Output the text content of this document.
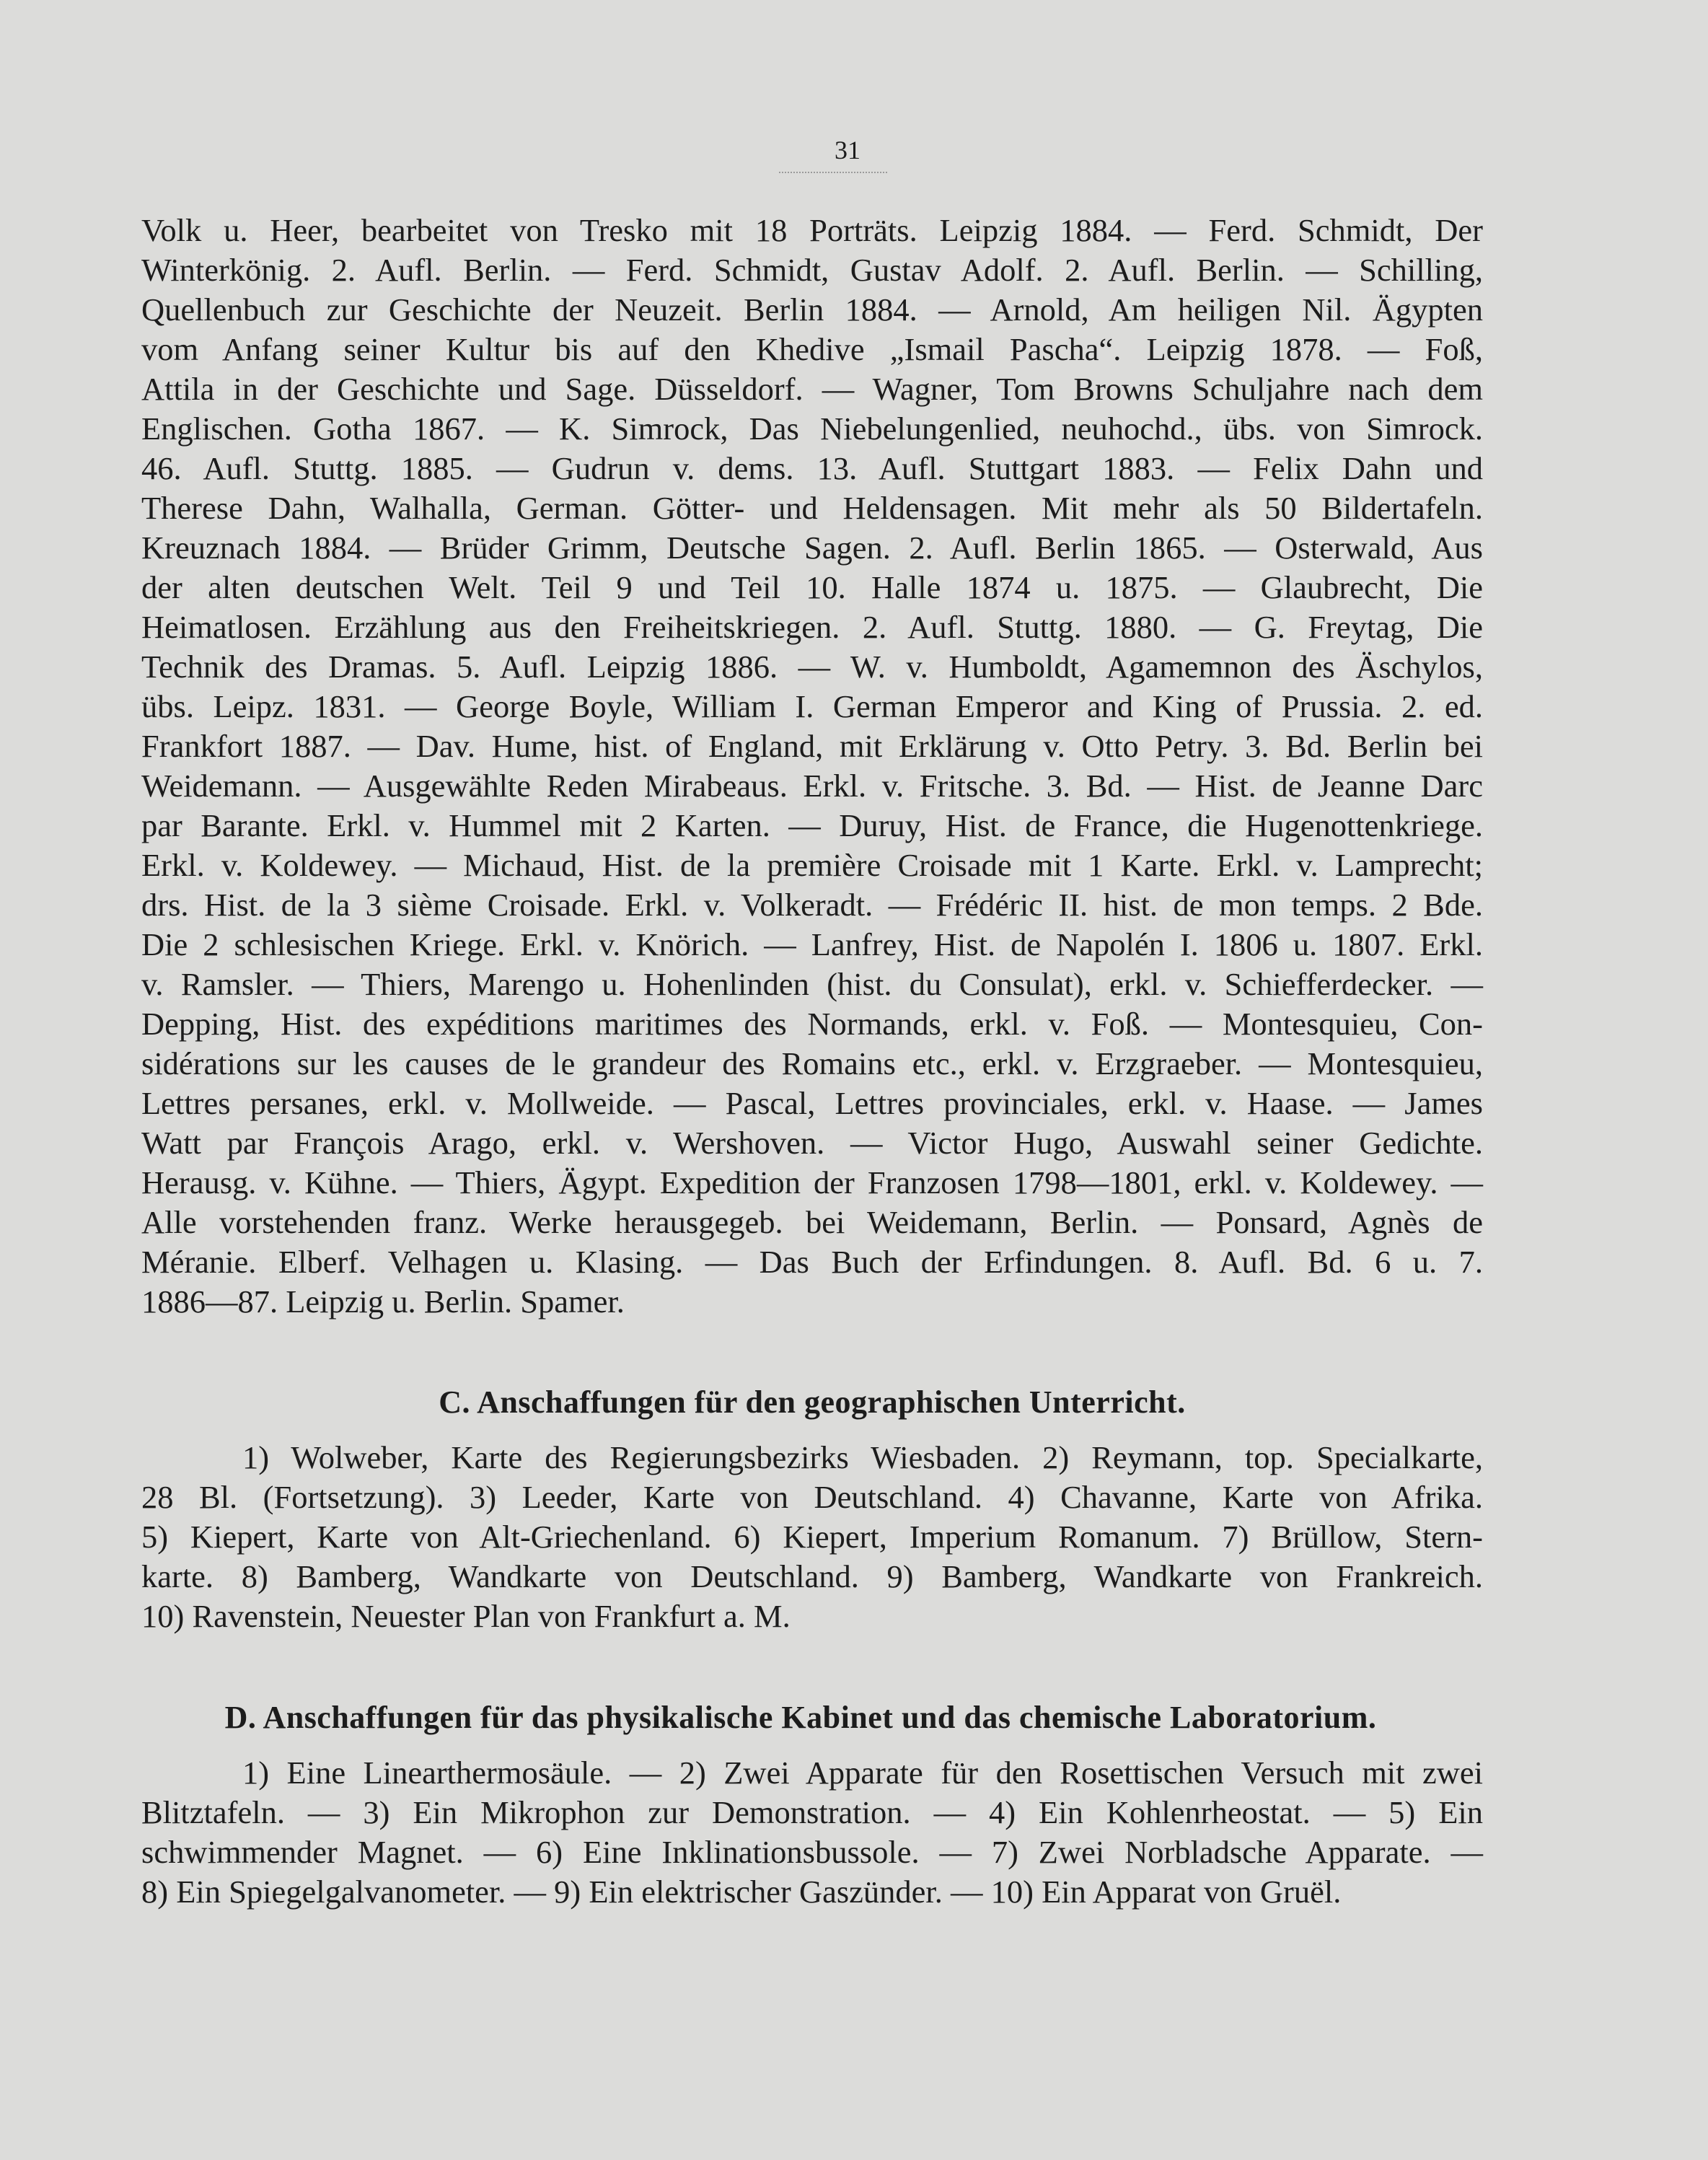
31
Volk u. Heer, bearbeitet von Tresko mit 18 Porträts. Leipzig 1884. — Ferd. Schmidt, Der
Winterkönig. 2. Aufl. Berlin. — Ferd. Schmidt, Gustav Adolf. 2. Aufl. Berlin. — Schilling,
Quellenbuch zur Geschichte der Neuzeit. Berlin 1884. — Arnold, Am heiligen Nil. Ägypten
vom Anfang seiner Kultur bis auf den Khedive „Ismail Pascha“. Leipzig 1878. — Foß,
Attila in der Geschichte und Sage. Düsseldorf. — Wagner, Tom Browns Schuljahre nach dem
Englischen. Gotha 1867. — K. Simrock, Das Niebelungenlied, neuhochd., übs. von Simrock.
46. Aufl. Stuttg. 1885. — Gudrun v. dems. 13. Aufl. Stuttgart 1883. — Felix Dahn und
Therese Dahn, Walhalla, German. Götter- und Heldensagen. Mit mehr als 50 Bildertafeln.
Kreuznach 1884. — Brüder Grimm, Deutsche Sagen. 2. Aufl. Berlin 1865. — Osterwald, Aus
der alten deutschen Welt. Teil 9 und Teil 10. Halle 1874 u. 1875. — Glaubrecht, Die
Heimatlosen. Erzählung aus den Freiheitskriegen. 2. Aufl. Stuttg. 1880. — G. Freytag, Die
Technik des Dramas. 5. Aufl. Leipzig 1886. — W. v. Humboldt, Agamemnon des Äschylos,
übs. Leipz. 1831. — George Boyle, William I. German Emperor and King of Prussia. 2. ed.
Frankfort 1887. — Dav. Hume, hist. of England, mit Erklärung v. Otto Petry. 3. Bd. Berlin bei
Weidemann. — Ausgewählte Reden Mirabeaus. Erkl. v. Fritsche. 3. Bd. — Hist. de Jeanne Darc
par Barante. Erkl. v. Hummel mit 2 Karten. — Duruy, Hist. de France, die Hugenottenkriege.
Erkl. v. Koldewey. — Michaud, Hist. de la première Croisade mit 1 Karte. Erkl. v. Lamprecht;
drs. Hist. de la 3 sième Croisade. Erkl. v. Volkeradt. — Frédéric II. hist. de mon temps. 2 Bde.
Die 2 schlesischen Kriege. Erkl. v. Knörich. — Lanfrey, Hist. de Napolén I. 1806 u. 1807. Erkl.
v. Ramsler. — Thiers, Marengo u. Hohenlinden (hist. du Consulat), erkl. v. Schiefferdecker. —
Depping, Hist. des expéditions maritimes des Normands, erkl. v. Foß. — Montesquieu, Con-
sidérations sur les causes de le grandeur des Romains etc., erkl. v. Erzgraeber. — Montesquieu,
Lettres persanes, erkl. v. Mollweide. — Pascal, Lettres provinciales, erkl. v. Haase. — James
Watt par François Arago, erkl. v. Wershoven. — Victor Hugo, Auswahl seiner Gedichte.
Herausg. v. Kühne. — Thiers, Ägypt. Expedition der Franzosen 1798—1801, erkl. v. Koldewey. —
Alle vorstehenden franz. Werke herausgegeb. bei Weidemann, Berlin. — Ponsard, Agnès de
Méranie. Elberf. Velhagen u. Klasing. — Das Buch der Erfindungen. 8. Aufl. Bd. 6 u. 7.
1886—87. Leipzig u. Berlin. Spamer.
C. Anschaffungen für den geographischen Unterricht.
1) Wolweber, Karte des Regierungsbezirks Wiesbaden. 2) Reymann, top. Specialkarte,
28 Bl. (Fortsetzung). 3) Leeder, Karte von Deutschland. 4) Chavanne, Karte von Afrika.
5) Kiepert, Karte von Alt-Griechenland. 6) Kiepert, Imperium Romanum. 7) Brüllow, Stern-
karte. 8) Bamberg, Wandkarte von Deutschland. 9) Bamberg, Wandkarte von Frankreich.
10) Ravenstein, Neuester Plan von Frankfurt a. M.
D. Anschaffungen für das physikalische Kabinet und das chemische Laboratorium.
1) Eine Linearthermosäule. — 2) Zwei Apparate für den Rosettischen Versuch mit zwei
Blitztafeln. — 3) Ein Mikrophon zur Demonstration. — 4) Ein Kohlenrheostat. — 5) Ein
schwimmender Magnet. — 6) Eine Inklinationsbussole. — 7) Zwei Norbladsche Apparate. —
8) Ein Spiegelgalvanometer. — 9) Ein elektrischer Gaszünder. — 10) Ein Apparat von Gruël.
